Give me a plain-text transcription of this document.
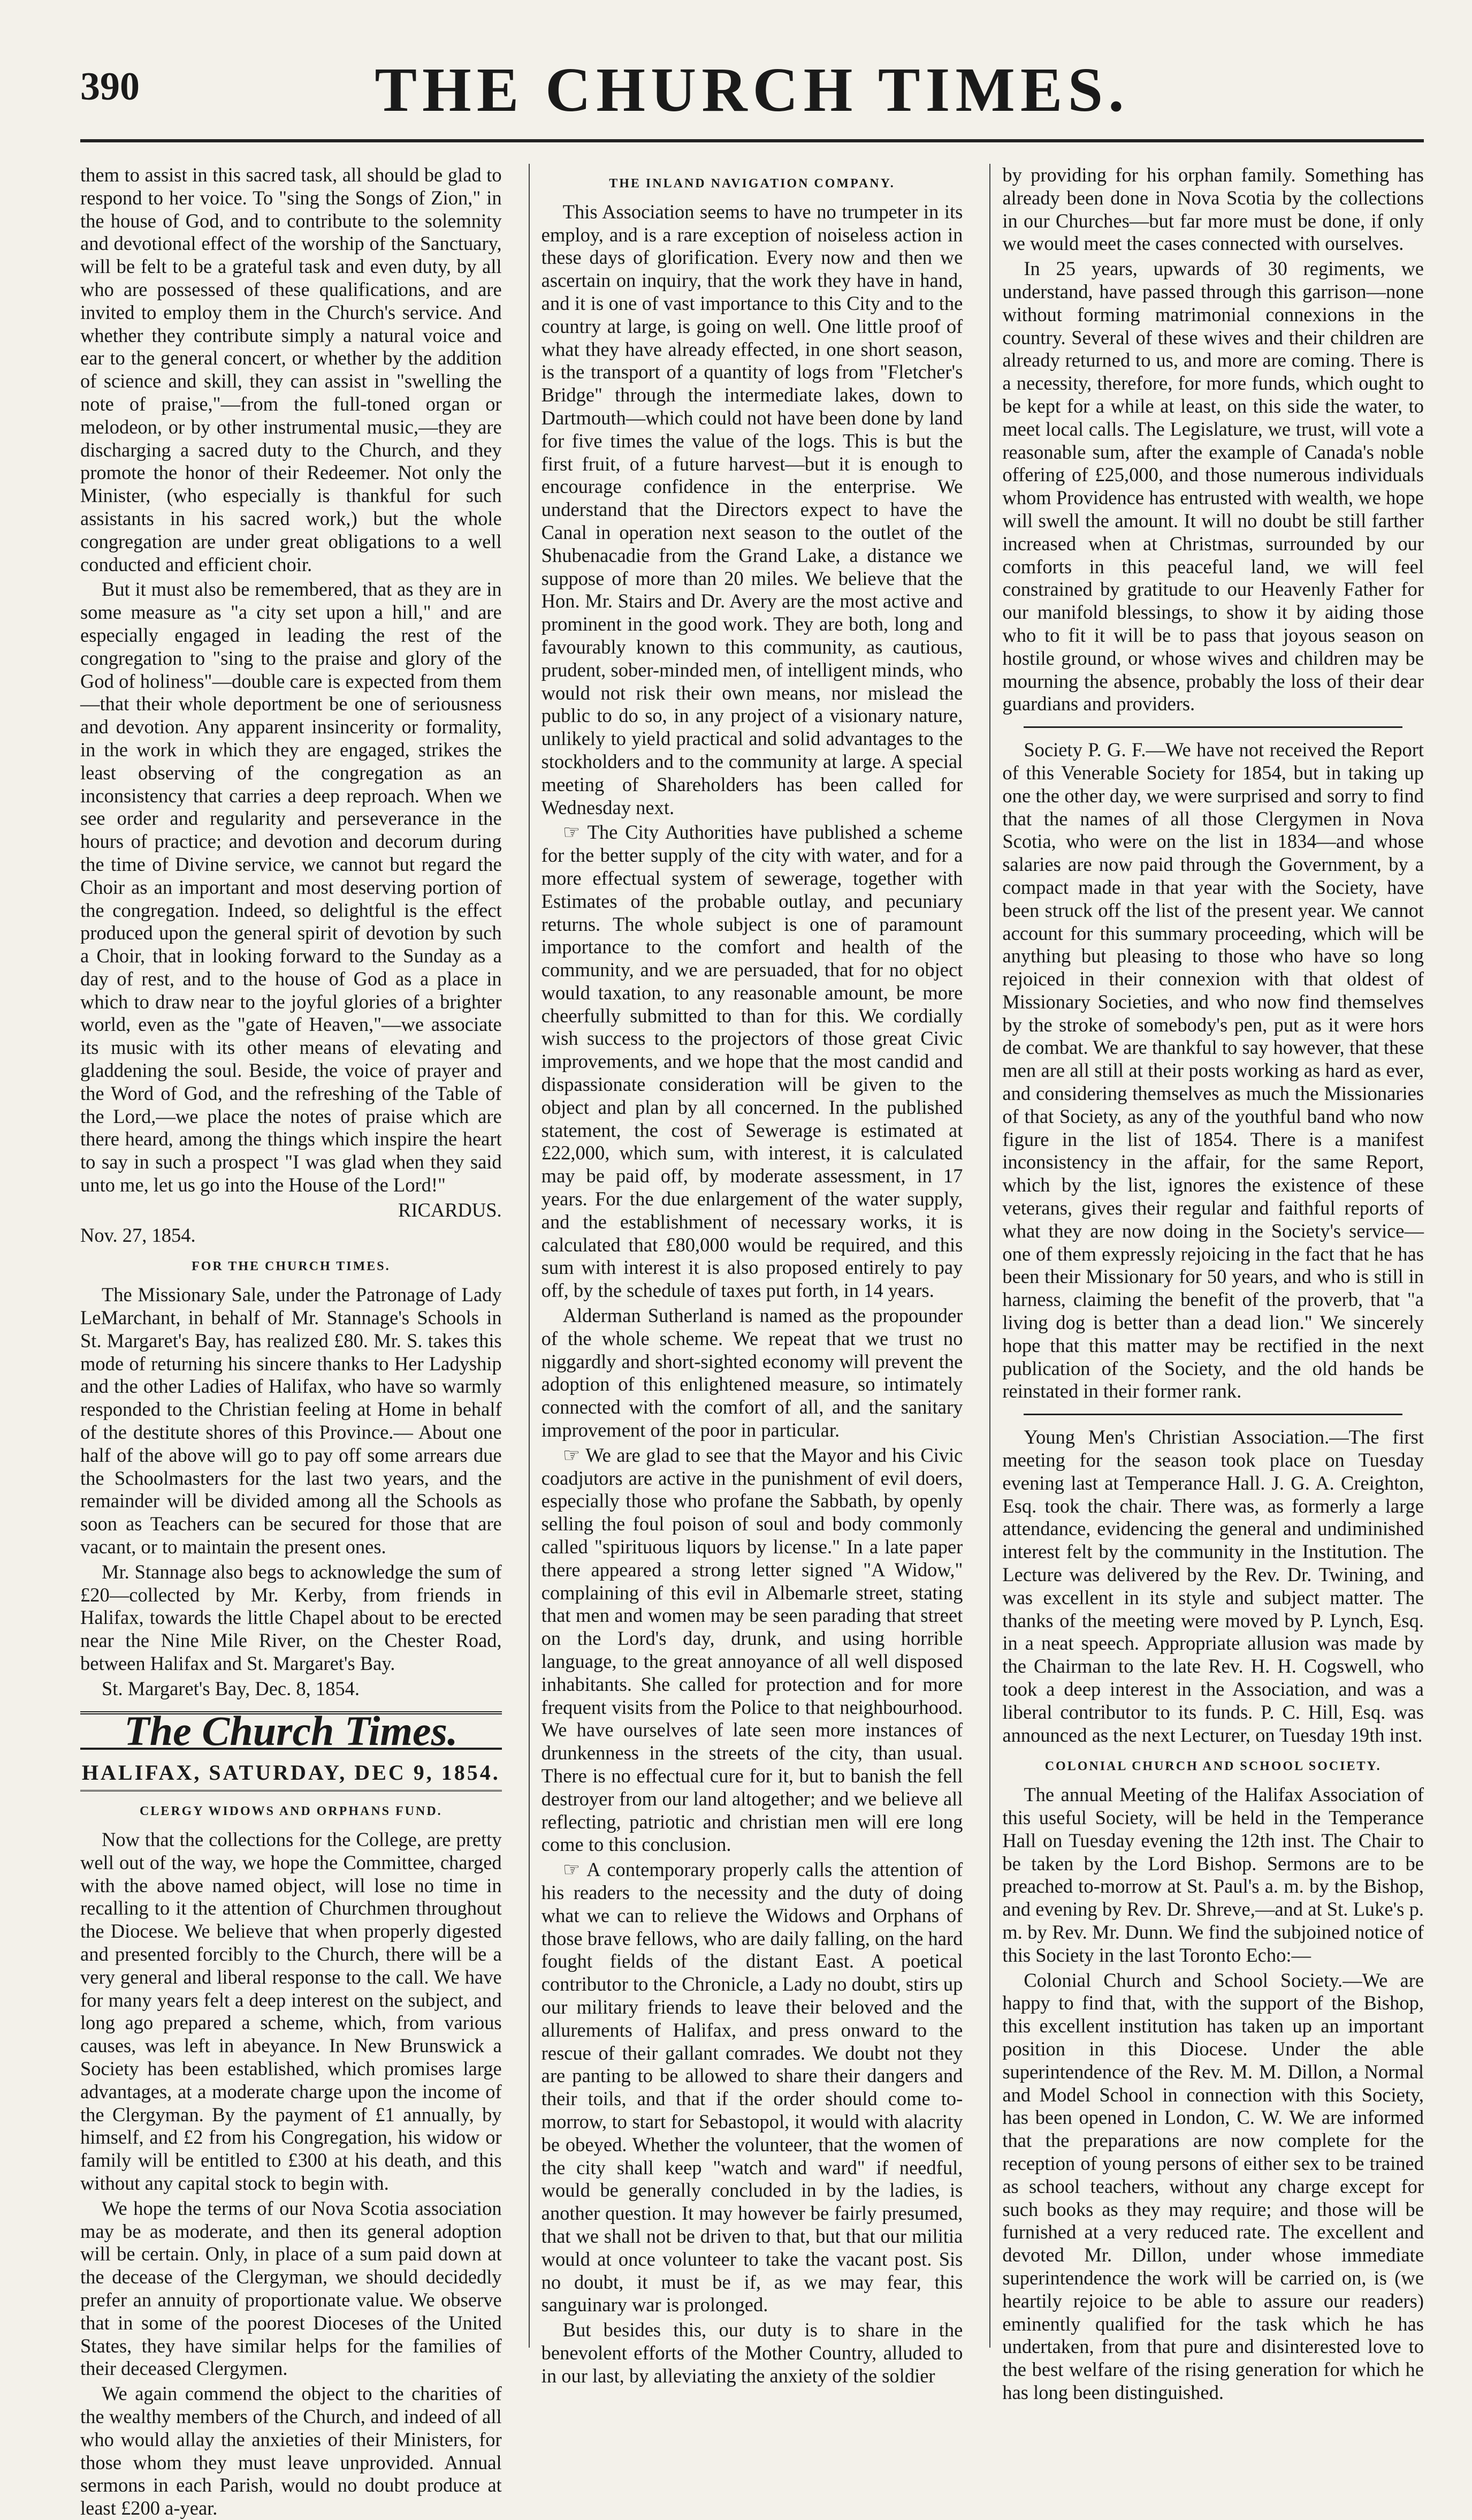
390	THE CHURCH TIMES.

them to assist in this sacred task, all should be glad to respond to her voice. To "sing the Songs of Zion," in the house of God, and to contribute to the solemnity and devotional effect of the worship of the Sanctuary, will be felt to be a grateful task and even duty, by all who are possessed of these qualifications, and are invited to employ them in the Church's service. And whether they contribute simply a natural voice and ear to the general concert, or whether by the addition of science and skill, they can assist in "swelling the note of praise,"—from the full-toned organ or melodeon, or by other instrumental music,—they are discharging a sacred duty to the Church, and they promote the honor of their Redeemer. Not only the Minister, (who especially is thankful for such assistants in his sacred work,) but the whole congregation are under great obligations to a well conducted and efficient choir.

But it must also be remembered, that as they are in some measure as "a city set upon a hill," and are especially engaged in leading the rest of the congregation to "sing to the praise and glory of the God of holiness"—double care is expected from them—that their whole deportment be one of seriousness and devotion. Any apparent insincerity or formality, in the work in which they are engaged, strikes the least observing of the congregation as an inconsistency that carries a deep reproach. When we see order and regularity and perseverance in the hours of practice; and devotion and decorum during the time of Divine service, we cannot but regard the Choir as an important and most deserving portion of the congregation. Indeed, so delightful is the effect produced upon the general spirit of devotion by such a Choir, that in looking forward to the Sunday as a day of rest, and to the house of God as a place in which to draw near to the joyful glories of a brighter world, even as the "gate of Heaven,"—we associate its music with its other means of elevating and gladdening the soul. Beside, the voice of prayer and the Word of God, and the refreshing of the Table of the Lord,—we place the notes of praise which are there heard, among the things which inspire the heart to say in such a prospect "I was glad when they said unto me, let us go into the House of the Lord!"

RICARDUS.

Nov. 27, 1854.

FOR THE CHURCH TIMES.

The Missionary Sale, under the Patronage of Lady LeMarchant, in behalf of Mr. Stannage's Schools in St. Margaret's Bay, has realized £80. Mr. S. takes this mode of returning his sincere thanks to Her Ladyship and the other Ladies of Halifax, who have so warmly responded to the Christian feeling at Home in behalf of the destitute shores of this Province.— About one half of the above will go to pay off some arrears due the Schoolmasters for the last two years, and the remainder will be divided among all the Schools as soon as Teachers can be secured for those that are vacant, or to maintain the present ones.

Mr. Stannage also begs to acknowledge the sum of £20—collected by Mr. Kerby, from friends in Halifax, towards the little Chapel about to be erected near the Nine Mile River, on the Chester Road, between Halifax and St. Margaret's Bay.

St. Margaret's Bay, Dec. 8, 1854.

The Church Times.
HALIFAX, SATURDAY, DEC 9, 1854.
CLERGY WIDOWS AND ORPHANS FUND.

Now that the collections for the College, are pretty well out of the way, we hope the Committee, charged with the above named object, will lose no time in recalling to it the attention of Churchmen throughout the Diocese. We believe that when properly digested and presented forcibly to the Church, there will be a very general and liberal response to the call. We have for many years felt a deep interest on the subject, and long ago prepared a scheme, which, from various causes, was left in abeyance. In New Brunswick a Society has been established, which promises large advantages, at a moderate charge upon the income of the Clergyman. By the payment of £1 annually, by himself, and £2 from his Congregation, his widow or family will be entitled to £300 at his death, and this without any capital stock to begin with.

We hope the terms of our Nova Scotia association may be as moderate, and then its general adoption will be certain. Only, in place of a sum paid down at the decease of the Clergyman, we should decidedly prefer an annuity of proportionate value. We observe that in some of the poorest Dioceses of the United States, they have similar helps for the families of their deceased Clergymen.

We again commend the object to the charities of the wealthy members of the Church, and indeed of all who would allay the anxieties of their Ministers, for those whom they must leave unprovided. Annual sermons in each Parish, would no doubt produce at least £200 a-year.

THE INLAND NAVIGATION COMPANY.

This Association seems to have no trumpeter in its employ, and is a rare exception of noiseless action in these days of glorification. Every now and then we ascertain on inquiry, that the work they have in hand, and it is one of vast importance to this City and to the country at large, is going on well. One little proof of what they have already effected, in one short season, is the transport of a quantity of logs from "Fletcher's Bridge" through the intermediate lakes, down to Dartmouth—which could not have been done by land for five times the value of the logs. This is but the first fruit, of a future harvest—but it is enough to encourage confidence in the enterprise. We understand that the Directors expect to have the Canal in operation next season to the outlet of the Shubenacadie from the Grand Lake, a distance we suppose of more than 20 miles. We believe that the Hon. Mr. Stairs and Dr. Avery are the most active and prominent in the good work. They are both, long and favourably known to this community, as cautious, prudent, sober-minded men, of intelligent minds, who would not risk their own means, nor mislead the public to do so, in any project of a visionary nature, unlikely to yield practical and solid advantages to the stockholders and to the community at large. A special meeting of Shareholders has been called for Wednesday next.

☞ The City Authorities have published a scheme for the better supply of the city with water, and for a more effectual system of sewerage, together with Estimates of the probable outlay, and pecuniary returns. The whole subject is one of paramount importance to the comfort and health of the community, and we are persuaded, that for no object would taxation, to any reasonable amount, be more cheerfully submitted to than for this. We cordially wish success to the projectors of those great Civic improvements, and we hope that the most candid and dispassionate consideration will be given to the object and plan by all concerned. In the published statement, the cost of Sewerage is estimated at £22,000, which sum, with interest, it is calculated may be paid off, by moderate assessment, in 17 years. For the due enlargement of the water supply, and the establishment of necessary works, it is calculated that £80,000 would be required, and this sum with interest it is also proposed entirely to pay off, by the schedule of taxes put forth, in 14 years.

Alderman Sutherland is named as the propounder of the whole scheme. We repeat that we trust no niggardly and short-sighted economy will prevent the adoption of this enlightened measure, so intimately connected with the comfort of all, and the sanitary improvement of the poor in particular.

☞ We are glad to see that the Mayor and his Civic coadjutors are active in the punishment of evil doers, especially those who profane the Sabbath, by openly selling the foul poison of soul and body commonly called "spirituous liquors by license." In a late paper there appeared a strong letter signed "A Widow," complaining of this evil in Albemarle street, stating that men and women may be seen parading that street on the Lord's day, drunk, and using horrible language, to the great annoyance of all well disposed inhabitants. She called for protection and for more frequent visits from the Police to that neighbourhood. We have ourselves of late seen more instances of drunkenness in the streets of the city, than usual. There is no effectual cure for it, but to banish the fell destroyer from our land altogether; and we believe all reflecting, patriotic and christian men will ere long come to this conclusion.

☞ A contemporary properly calls the attention of his readers to the necessity and the duty of doing what we can to relieve the Widows and Orphans of those brave fellows, who are daily falling, on the hard fought fields of the distant East. A poetical contributor to the Chronicle, a Lady no doubt, stirs up our military friends to leave their beloved and the allurements of Halifax, and press onward to the rescue of their gallant comrades. We doubt not they are panting to be allowed to share their dangers and their toils, and that if the order should come to-morrow, to start for Sebastopol, it would with alacrity be obeyed. Whether the volunteer, that the women of the city shall keep "watch and ward" if needful, would be generally concluded in by the ladies, is another question. It may however be fairly presumed, that we shall not be driven to that, but that our militia would at once volunteer to take the vacant post. Sis no doubt, it must be if, as we may fear, this sanguinary war is prolonged.

But besides this, our duty is to share in the benevolent efforts of the Mother Country, alluded to in our last, by alleviating the anxiety of the soldier

by providing for his orphan family. Something has already been done in Nova Scotia by the collections in our Churches—but far more must be done, if only we would meet the cases connected with ourselves.

In 25 years, upwards of 30 regiments, we understand, have passed through this garrison—none without forming matrimonial connexions in the country. Several of these wives and their children are already returned to us, and more are coming. There is a necessity, therefore, for more funds, which ought to be kept for a while at least, on this side the water, to meet local calls. The Legislature, we trust, will vote a reasonable sum, after the example of Canada's noble offering of £25,000, and those numerous individuals whom Providence has entrusted with wealth, we hope will swell the amount. It will no doubt be still farther increased when at Christmas, surrounded by our comforts in this peaceful land, we will feel constrained by gratitude to our Heavenly Father for our manifold blessings, to show it by aiding those who to fit it will be to pass that joyous season on hostile ground, or whose wives and children may be mourning the absence, probably the loss of their dear guardians and providers.

Society P. G. F.—We have not received the Report of this Venerable Society for 1854, but in taking up one the other day, we were surprised and sorry to find that the names of all those Clergymen in Nova Scotia, who were on the list in 1834—and whose salaries are now paid through the Government, by a compact made in that year with the Society, have been struck off the list of the present year. We cannot account for this summary proceeding, which will be anything but pleasing to those who have so long rejoiced in their connexion with that oldest of Missionary Societies, and who now find themselves by the stroke of somebody's pen, put as it were hors de combat. We are thankful to say however, that these men are all still at their posts working as hard as ever, and considering themselves as much the Missionaries of that Society, as any of the youthful band who now figure in the list of 1854. There is a manifest inconsistency in the affair, for the same Report, which by the list, ignores the existence of these veterans, gives their regular and faithful reports of what they are now doing in the Society's service—one of them expressly rejoicing in the fact that he has been their Missionary for 50 years, and who is still in harness, claiming the benefit of the proverb, that "a living dog is better than a dead lion." We sincerely hope that this matter may be rectified in the next publication of the Society, and the old hands be reinstated in their former rank.

Young Men's Christian Association.—The first meeting for the season took place on Tuesday evening last at Temperance Hall. J. G. A. Creighton, Esq. took the chair. There was, as formerly a large attendance, evidencing the general and undiminished interest felt by the community in the Institution. The Lecture was delivered by the Rev. Dr. Twining, and was excellent in its style and subject matter. The thanks of the meeting were moved by P. Lynch, Esq. in a neat speech. Appropriate allusion was made by the Chairman to the late Rev. H. H. Cogswell, who took a deep interest in the Association, and was a liberal contributor to its funds. P. C. Hill, Esq. was announced as the next Lecturer, on Tuesday 19th inst.

COLONIAL CHURCH AND SCHOOL SOCIETY.

The annual Meeting of the Halifax Association of this useful Society, will be held in the Temperance Hall on Tuesday evening the 12th inst. The Chair to be taken by the Lord Bishop. Sermons are to be preached to-morrow at St. Paul's a. m. by the Bishop, and evening by Rev. Dr. Shreve,—and at St. Luke's p. m. by Rev. Mr. Dunn. We find the subjoined notice of this Society in the last Toronto Echo:—

Colonial Church and School Society.—We are happy to find that, with the support of the Bishop, this excellent institution has taken up an important position in this Diocese. Under the able superintendence of the Rev. M. M. Dillon, a Normal and Model School in connection with this Society, has been opened in London, C. W. We are informed that the preparations are now complete for the reception of young persons of either sex to be trained as school teachers, without any charge except for such books as they may require; and those will be furnished at a very reduced rate. The excellent and devoted Mr. Dillon, under whose immediate superintendence the work will be carried on, is (we heartily rejoice to be able to assure our readers) eminently qualified for the task which he has undertaken, from that pure and disinterested love to the best welfare of the rising generation for which he has long been distinguished.
